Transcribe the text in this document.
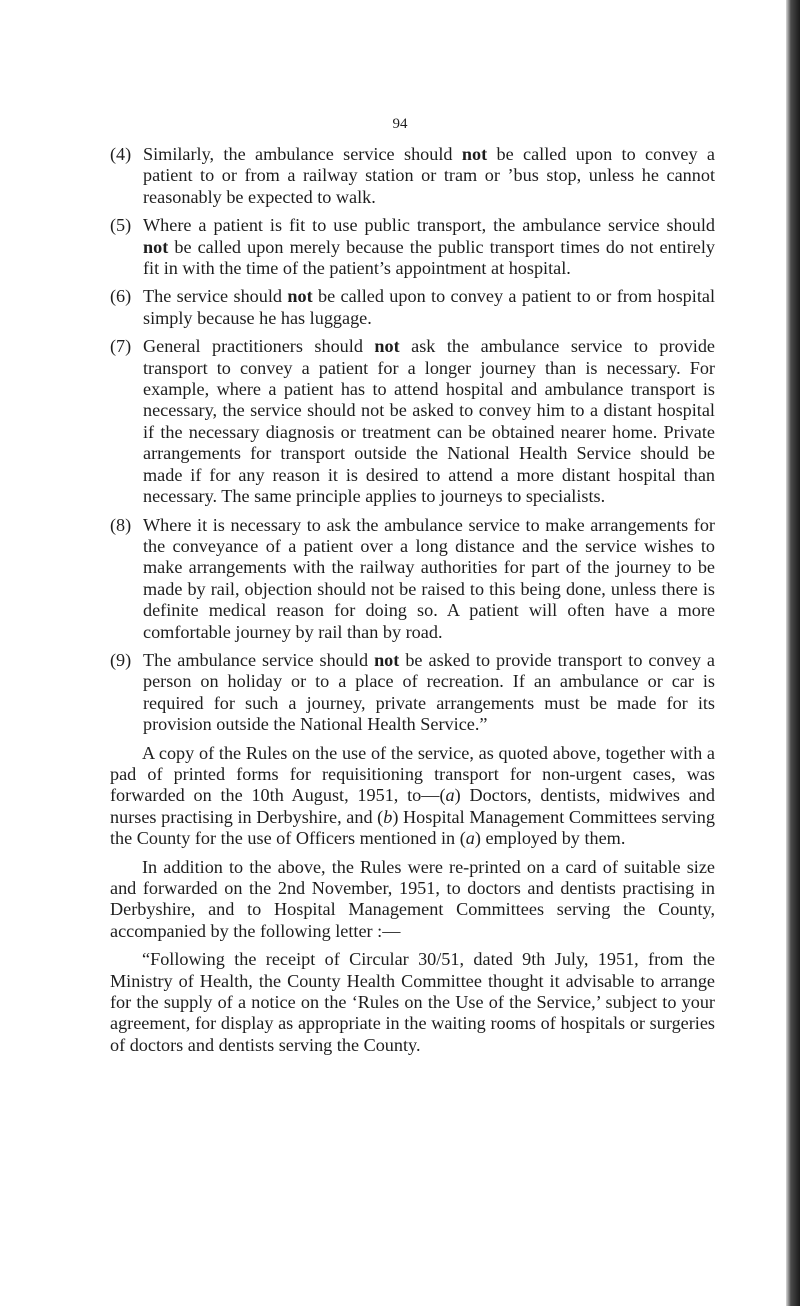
94
(4) Similarly, the ambulance service should not be called upon to convey a patient to or from a railway station or tram or ’bus stop, unless he cannot reasonably be expected to walk.
(5) Where a patient is fit to use public transport, the ambulance service should not be called upon merely because the public transport times do not entirely fit in with the time of the patient’s appointment at hospital.
(6) The service should not be called upon to convey a patient to or from hospital simply because he has luggage.
(7) General practitioners should not ask the ambulance service to provide transport to convey a patient for a longer journey than is necessary. For example, where a patient has to attend hospital and ambulance transport is necessary, the service should not be asked to convey him to a distant hospital if the necessary diagnosis or treatment can be obtained nearer home. Private arrangements for transport outside the National Health Service should be made if for any reason it is desired to attend a more distant hospital than necessary. The same principle applies to journeys to specialists.
(8) Where it is necessary to ask the ambulance service to make arrangements for the conveyance of a patient over a long distance and the service wishes to make arrangements with the railway authorities for part of the journey to be made by rail, objection should not be raised to this being done, unless there is definite medical reason for doing so. A patient will often have a more comfortable journey by rail than by road.
(9) The ambulance service should not be asked to provide transport to convey a person on holiday or to a place of recreation. If an ambulance or car is required for such a journey, private arrangements must be made for its provision outside the National Health Service.”

A copy of the Rules on the use of the service, as quoted above, together with a pad of printed forms for requisitioning transport for non-urgent cases, was forwarded on the 10th August, 1951, to—(a) Doctors, dentists, midwives and nurses practising in Derbyshire, and (b) Hospital Management Committees serving the County for the use of Officers mentioned in (a) employed by them.

In addition to the above, the Rules were re-printed on a card of suitable size and forwarded on the 2nd November, 1951, to doctors and dentists practising in Derbyshire, and to Hospital Management Committees serving the County, accompanied by the following letter :—

“Following the receipt of Circular 30/51, dated 9th July, 1951, from the Ministry of Health, the County Health Committee thought it advisable to arrange for the supply of a notice on the ‘Rules on the Use of the Service,’ subject to your agreement, for display as appropriate in the waiting rooms of hospitals or surgeries of doctors and dentists serving the County.
